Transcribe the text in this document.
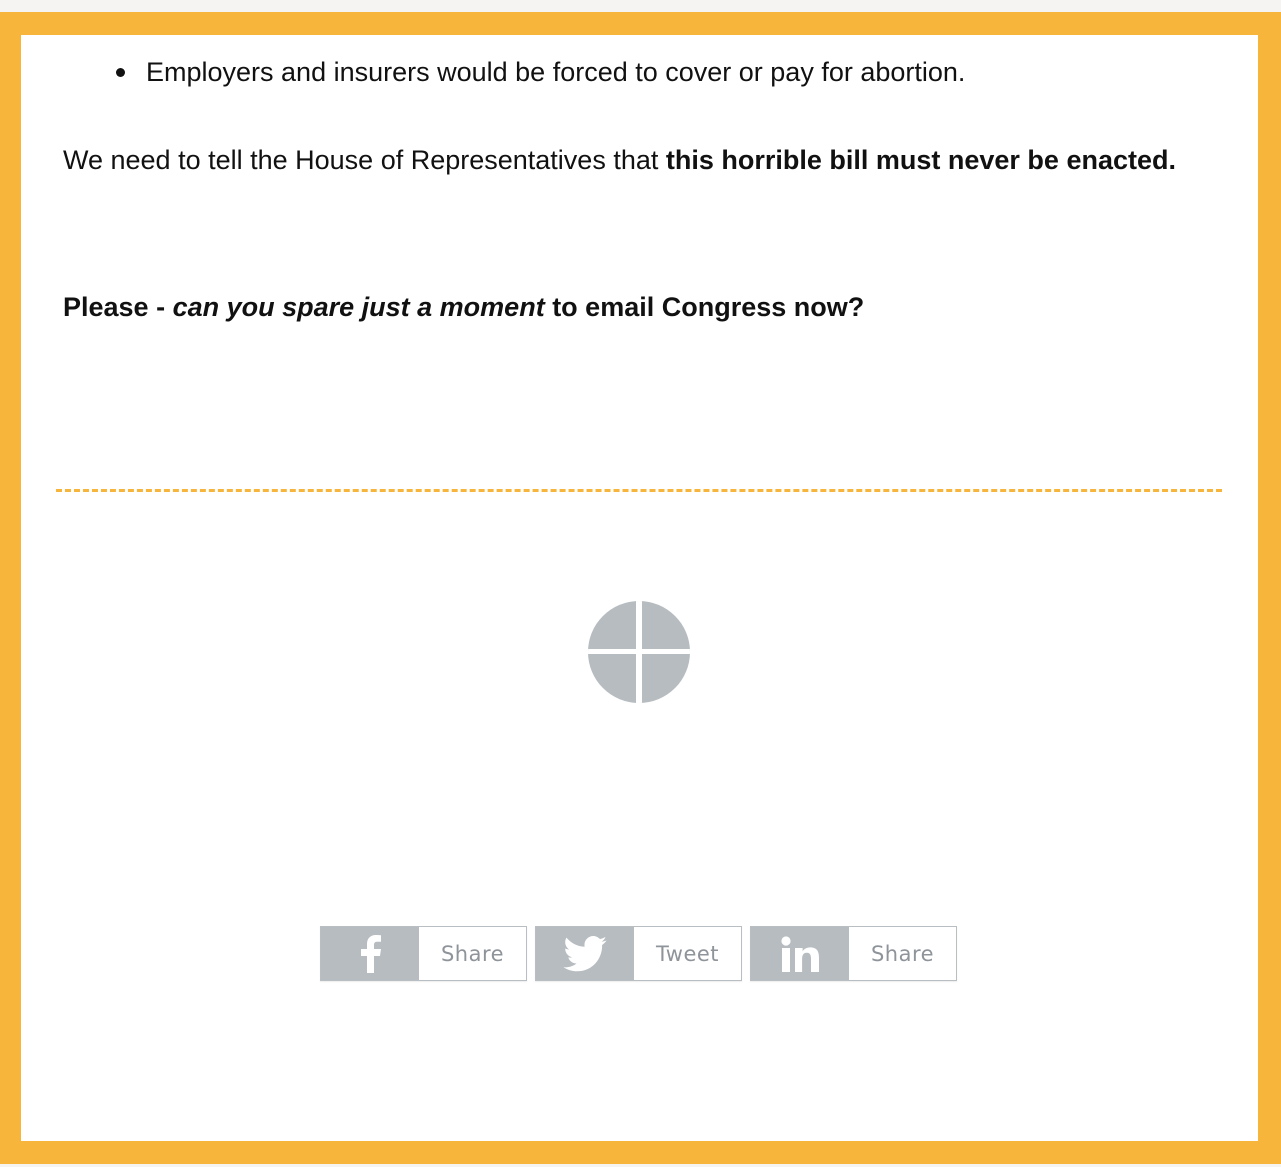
Employers and insurers would be forced to cover or pay for abortion.

We need to tell the House of Representatives that this horrible bill must never be enacted.

Please - can you spare just a moment to email Congress now?

Share	Tweet	Share
